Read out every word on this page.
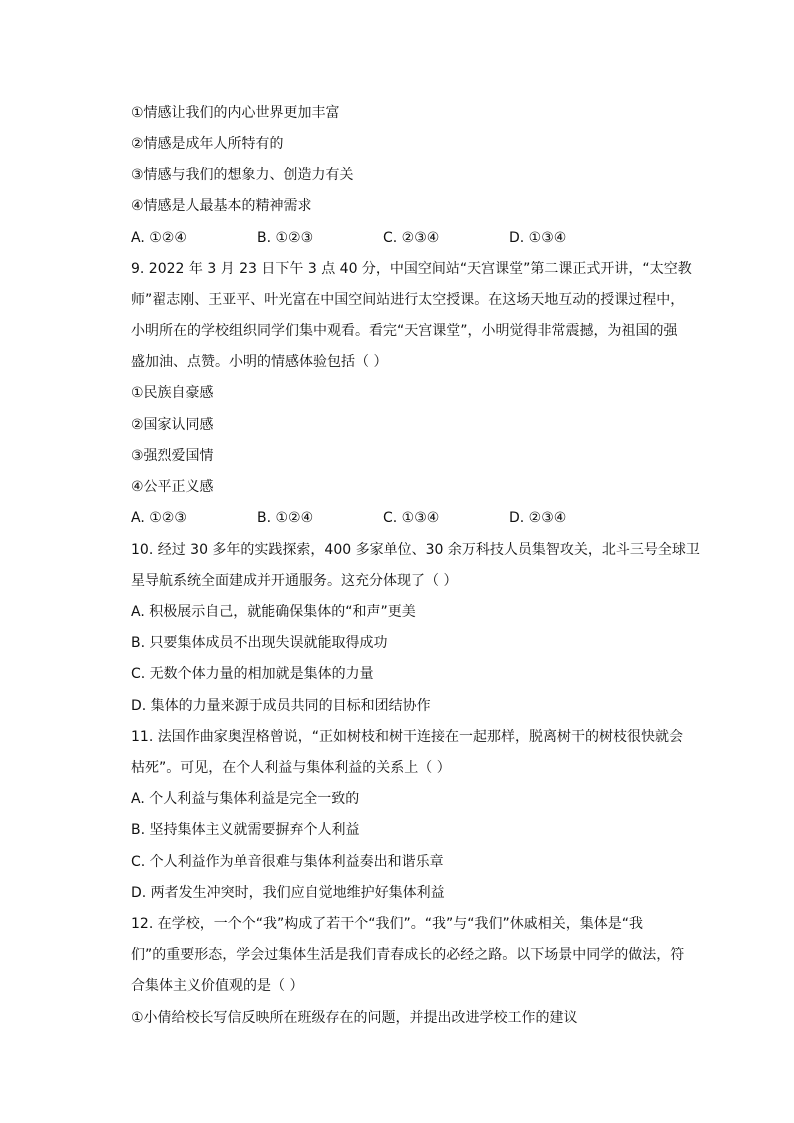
①情感让我们的内心世界更加丰富
②情感是成年人所特有的
③情感与我们的想象力、创造力有关
④情感是人最基本的精神需求
A. ①②④	B. ①②③	C. ②③④	D. ①③④
9. 2022 年 3 月 23 日下午 3 点 40 分，中国空间站“天宫课堂”第二课正式开讲，“太空教
师”翟志刚、王亚平、叶光富在中国空间站进行太空授课。在这场天地互动的授课过程中，
小明所在的学校组织同学们集中观看。看完“天宫课堂”，小明觉得非常震撼，为祖国的强
盛加油、点赞。小明的情感体验包括（ ）
①民族自豪感
②国家认同感
③强烈爱国情
④公平正义感
A. ①②③	B. ①②④	C. ①③④	D. ②③④
10. 经过 30 多年的实践探索，400 多家单位、30 余万科技人员集智攻关，北斗三号全球卫
星导航系统全面建成并开通服务。这充分体现了（ ）
A. 积极展示自己，就能确保集体的“和声”更美
B. 只要集体成员不出现失误就能取得成功
C. 无数个体力量的相加就是集体的力量
D. 集体的力量来源于成员共同的目标和团结协作
11. 法国作曲家奥涅格曾说，“正如树枝和树干连接在一起那样，脱离树干的树枝很快就会
枯死”。可见，在个人利益与集体利益的关系上（ ）
A. 个人利益与集体利益是完全一致的
B. 坚持集体主义就需要摒弃个人利益
C. 个人利益作为单音很难与集体利益奏出和谐乐章
D. 两者发生冲突时，我们应自觉地维护好集体利益
12. 在学校，一个个“我”构成了若干个“我们”。“我”与“我们”休戚相关，集体是“我
们”的重要形态，学会过集体生活是我们青春成长的必经之路。以下场景中同学的做法，符
合集体主义价值观的是（ ）
①小倩给校长写信反映所在班级存在的问题，并提出改进学校工作的建议
